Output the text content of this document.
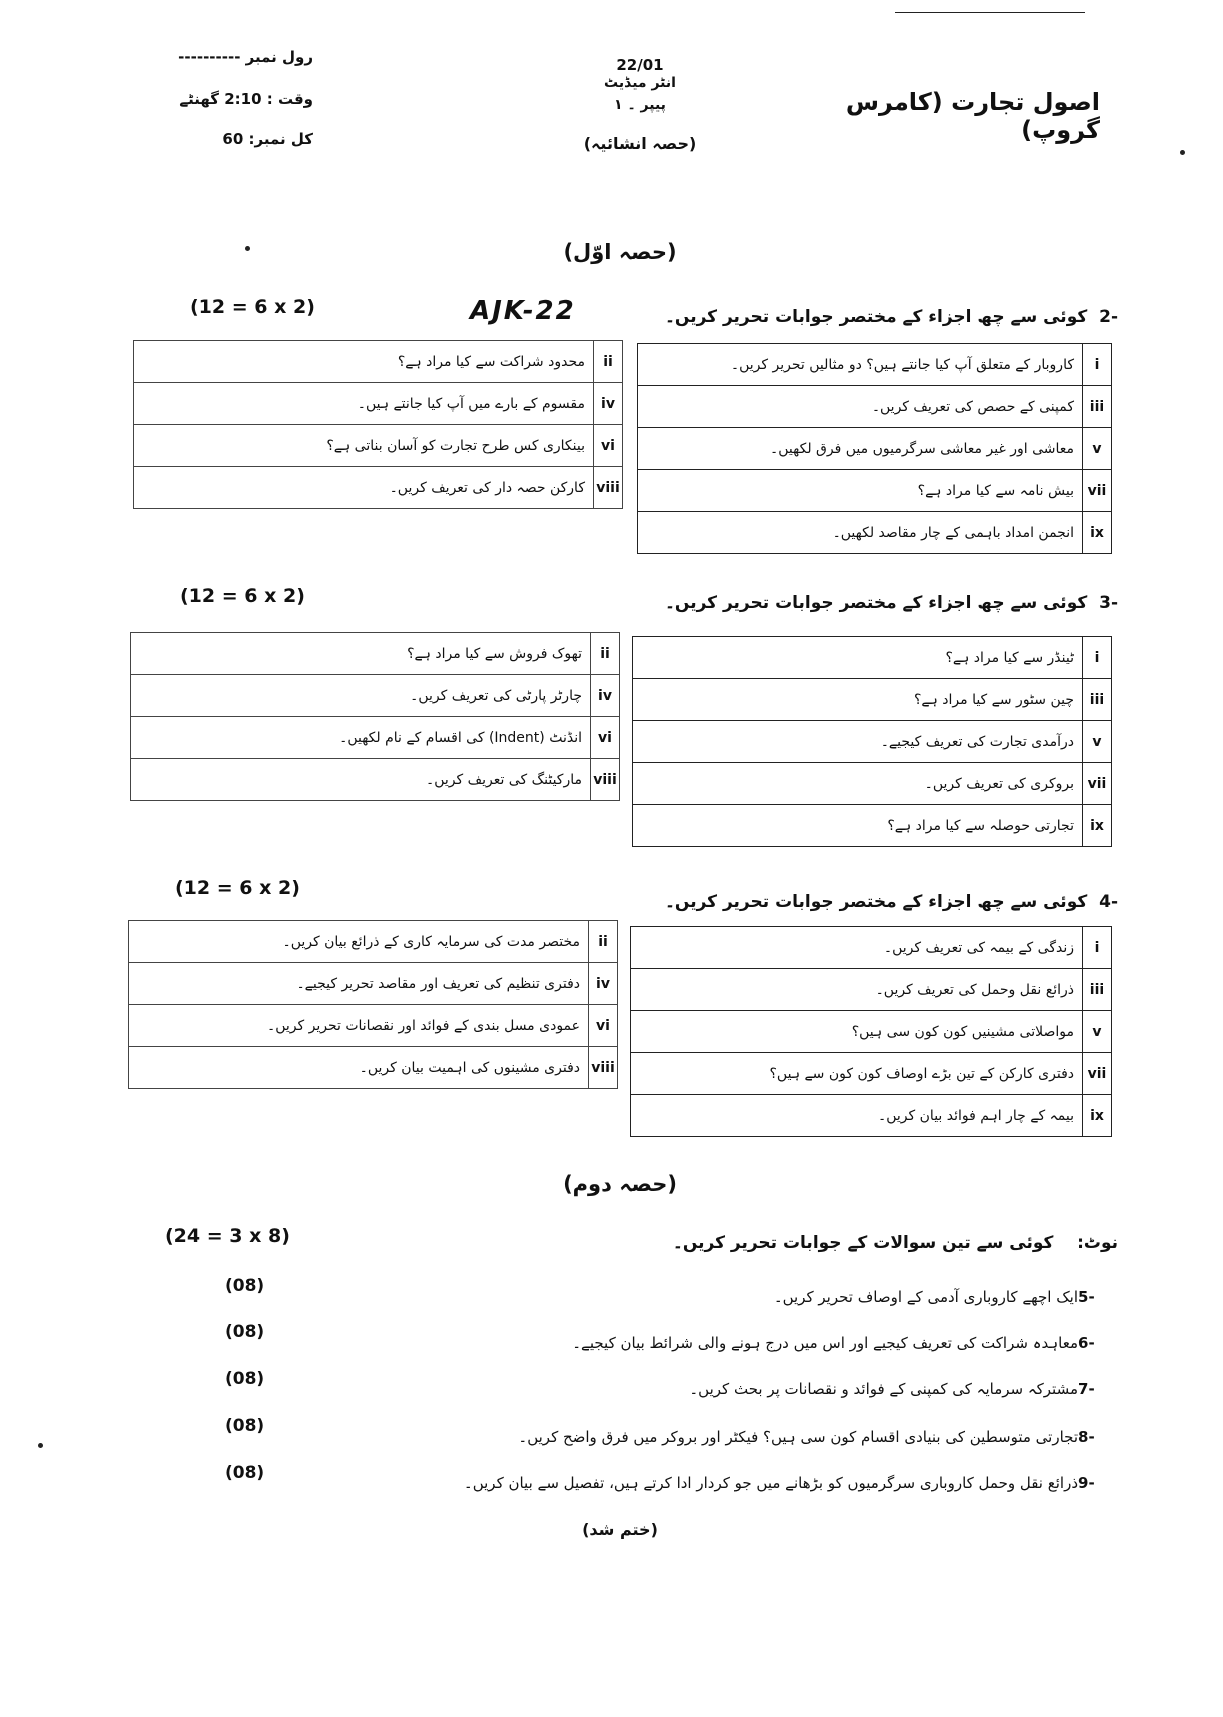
22/01
انٹر میڈیٹ
پیپر ۔ ۱
(حصہ انشائیہ)
اصول تجارت (کامرس گروپ)
رول نمبر ----------
وقت : 2:10 گھنٹے
کل نمبر: 60
(حصہ اوّل)
-2  کوئی سے چھ اجزاء کے مختصر جوابات تحریر کریں۔
(12 = 6 x 2)	AJK-22
کاروبار کے متعلق آپ کیا جانتے ہیں؟ دو مثالیں تحریر کریں۔	i
کمپنی کے حصص کی تعریف کریں۔	iii
معاشی اور غیر معاشی سرگرمیوں میں فرق لکھیں۔	v
بیش نامہ سے کیا مراد ہے؟	vii
انجمن امداد باہمی کے چار مقاصد لکھیں۔	ix
محدود شراکت سے کیا مراد ہے؟	ii
مقسوم کے بارے میں آپ کیا جانتے ہیں۔	iv
بینکاری کس طرح تجارت کو آسان بناتی ہے؟	vi
کارکن حصہ دار کی تعریف کریں۔	viii
-3  کوئی سے چھ اجزاء کے مختصر جوابات تحریر کریں۔
(12 = 6 x 2)
ٹینڈر سے کیا مراد ہے؟	i
چین سٹور سے کیا مراد ہے؟	iii
درآمدی تجارت کی تعریف کیجیے۔	v
بروکری کی تعریف کریں۔	vii
تجارتی حوصلہ سے کیا مراد ہے؟	ix
تھوک فروش سے کیا مراد ہے؟	ii
چارٹر پارٹی کی تعریف کریں۔	iv
انڈنٹ (Indent) کی اقسام کے نام لکھیں۔	vi
مارکیٹنگ کی تعریف کریں۔	viii
-4  کوئی سے چھ اجزاء کے مختصر جوابات تحریر کریں۔
(12 = 6 x 2)
زندگی کے بیمہ کی تعریف کریں۔	i
ذرائع نقل وحمل کی تعریف کریں۔	iii
مواصلاتی مشینیں کون کون سی ہیں؟	v
دفتری کارکن کے تین بڑے اوصاف کون کون سے ہیں؟	vii
بیمہ کے چار اہم فوائد بیان کریں۔	ix
مختصر مدت کی سرمایہ کاری کے ذرائع بیان کریں۔	ii
دفتری تنظیم کی تعریف اور مقاصد تحریر کیجیے۔	iv
عمودی مسل بندی کے فوائد اور نقصانات تحریر کریں۔	vi
دفتری مشینوں کی اہمیت بیان کریں۔	viii
(حصہ دوم)
نوٹ:    کوئی سے تین سوالات کے جوابات تحریر کریں۔
(24 = 3 x 8)
-5ایک اچھے کاروباری آدمی کے اوصاف تحریر کریں۔
(08)
-6معاہدہ شراکت کی تعریف کیجیے اور اس میں درج ہونے والی شرائط بیان کیجیے۔
(08)
-7مشترکہ سرمایہ کی کمپنی کے فوائد و نقصانات پر بحث کریں۔
(08)
-8تجارتی متوسطین کی بنیادی اقسام کون سی ہیں؟ فیکٹر اور بروکر میں فرق واضح کریں۔
(08)
-9ذرائع نقل وحمل کاروباری سرگرمیوں کو بڑھانے میں جو کردار ادا کرتے ہیں، تفصیل سے بیان کریں۔
(08)
(ختم شد)
